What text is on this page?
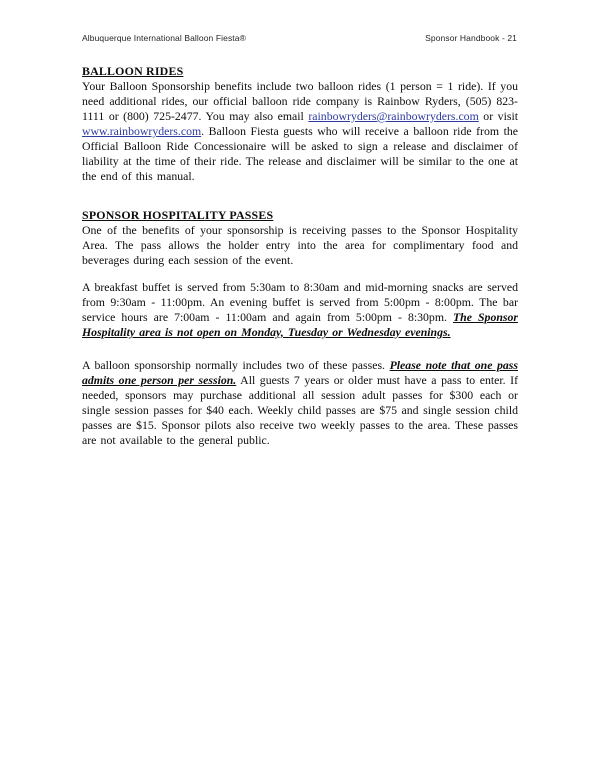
Albuquerque International Balloon Fiesta®	Sponsor Handbook - 21
BALLOON RIDES

Your Balloon Sponsorship benefits include two balloon rides (1 person = 1 ride). If you need additional rides, our official balloon ride company is Rainbow Ryders, (505) 823-1111 or (800) 725-2477. You may also email rainbowryders@rainbowryders.com or visit www.rainbowryders.com. Balloon Fiesta guests who will receive a balloon ride from the Official Balloon Ride Concessionaire will be asked to sign a release and disclaimer of liability at the time of their ride. The release and disclaimer will be similar to the one at the end of this manual.

SPONSOR HOSPITALITY PASSES

One of the benefits of your sponsorship is receiving passes to the Sponsor Hospitality Area. The pass allows the holder entry into the area for complimentary food and beverages during each session of the event.

A breakfast buffet is served from 5:30am to 8:30am and mid-morning snacks are served from 9:30am - 11:00pm. An evening buffet is served from 5:00pm - 8:00pm. The bar service hours are 7:00am - 11:00am and again from 5:00pm - 8:30pm. The Sponsor Hospitality area is not open on Monday, Tuesday or Wednesday evenings.

A balloon sponsorship normally includes two of these passes. Please note that one pass admits one person per session. All guests 7 years or older must have a pass to enter. If needed, sponsors may purchase additional all session adult passes for $300 each or single session passes for $40 each. Weekly child passes are $75 and single session child passes are $15. Sponsor pilots also receive two weekly passes to the area. These passes are not available to the general public.
